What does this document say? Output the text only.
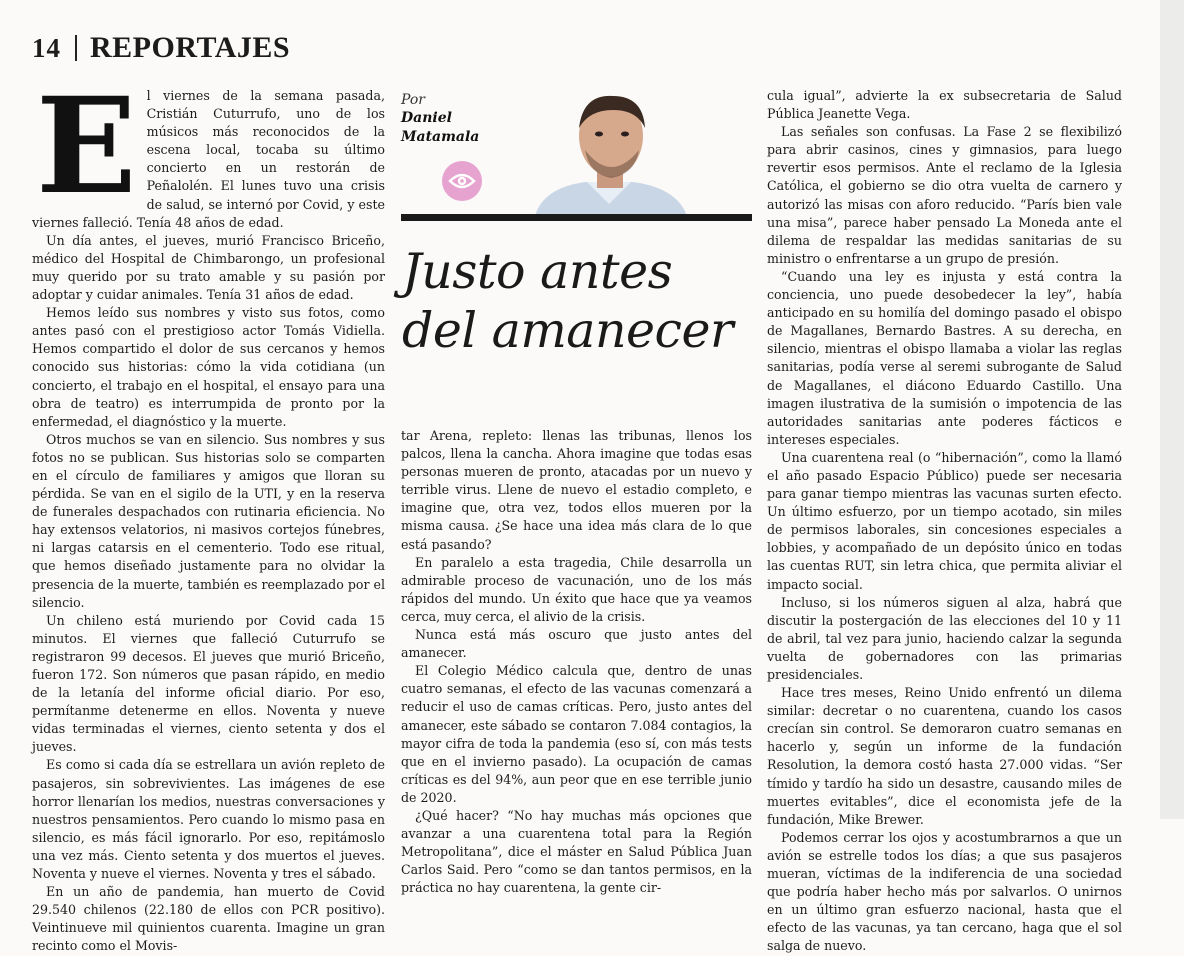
14 REPORTAJES
E l viernes de la semana pasada, Cristián Cuturrufo, uno de los músicos más reconocidos de la escena local, tocaba su último concierto en un restorán de Peñalolén. El lunes tuvo una crisis de salud, se internó por Covid, y este viernes falleció. Tenía 48 años de edad.

Un día antes, el jueves, murió Francisco Briceño, médico del Hospital de Chimbarongo, un profesional muy querido por su trato amable y su pasión por adoptar y cuidar animales. Tenía 31 años de edad.

Hemos leído sus nombres y visto sus fotos, como antes pasó con el prestigioso actor Tomás Vidiella. Hemos compartido el dolor de sus cercanos y hemos conocido sus historias: cómo la vida cotidiana (un concierto, el trabajo en el hospital, el ensayo para una obra de teatro) es interrumpida de pronto por la enfermedad, el diagnóstico y la muerte.

Otros muchos se van en silencio. Sus nombres y sus fotos no se publican. Sus historias solo se comparten en el círculo de familiares y amigos que lloran su pérdida. Se van en el sigilo de la UTI, y en la reserva de funerales despachados con rutinaria eficiencia. No hay extensos velatorios, ni masivos cortejos fúnebres, ni largas catarsis en el cementerio. Todo ese ritual, que hemos diseñado justamente para no olvidar la presencia de la muerte, también es reemplazado por el silencio.

Un chileno está muriendo por Covid cada 15 minutos. El viernes que falleció Cuturrufo se registraron 99 decesos. El jueves que murió Briceño, fueron 172. Son números que pasan rápido, en medio de la letanía del informe oficial diario. Por eso, permítanme detenerme en ellos. Noventa y nueve vidas terminadas el viernes, ciento setenta y dos el jueves.

Es como si cada día se estrellara un avión repleto de pasajeros, sin sobrevivientes. Las imágenes de ese horror llenarían los medios, nuestras conversaciones y nuestros pensamientos. Pero cuando lo mismo pasa en silencio, es más fácil ignorarlo. Por eso, repitámoslo una vez más. Ciento setenta y dos muertos el jueves. Noventa y nueve el viernes. Noventa y tres el sábado.

En un año de pandemia, han muerto de Covid 29.540 chilenos (22.180 de ellos con PCR positivo). Veintinueve mil quinientos cuarenta. Imagine un gran recinto como el Movis-

Por
Daniel
Matamala
Justo antes del amanecer

tar Arena, repleto: llenas las tribunas, llenos los palcos, llena la cancha. Ahora imagine que todas esas personas mueren de pronto, atacadas por un nuevo y terrible virus. Llene de nuevo el estadio completo, e imagine que, otra vez, todos ellos mueren por la misma causa. ¿Se hace una idea más clara de lo que está pasando?

En paralelo a esta tragedia, Chile desarrolla un admirable proceso de vacunación, uno de los más rápidos del mundo. Un éxito que hace que ya veamos cerca, muy cerca, el alivio de la crisis.

Nunca está más oscuro que justo antes del amanecer.

El Colegio Médico calcula que, dentro de unas cuatro semanas, el efecto de las vacunas comenzará a reducir el uso de camas críticas. Pero, justo antes del amanecer, este sábado se contaron 7.084 contagios, la mayor cifra de toda la pandemia (eso sí, con más tests que en el invierno pasado). La ocupación de camas críticas es del 94%, aun peor que en ese terrible junio de 2020.

¿Qué hacer? “No hay muchas más opciones que avanzar a una cuarentena total para la Región Metropolitana”, dice el máster en Salud Pública Juan Carlos Said. Pero “como se dan tantos permisos, en la práctica no hay cuarentena, la gente cir-

cula igual”, advierte la ex subsecretaria de Salud Pública Jeanette Vega.

Las señales son confusas. La Fase 2 se flexibilizó para abrir casinos, cines y gimnasios, para luego revertir esos permisos. Ante el reclamo de la Iglesia Católica, el gobierno se dio otra vuelta de carnero y autorizó las misas con aforo reducido. “París bien vale una misa”, parece haber pensado La Moneda ante el dilema de respaldar las medidas sanitarias de su ministro o enfrentarse a un grupo de presión.

“Cuando una ley es injusta y está contra la conciencia, uno puede desobedecer la ley”, había anticipado en su homilía del domingo pasado el obispo de Magallanes, Bernardo Bastres. A su derecha, en silencio, mientras el obispo llamaba a violar las reglas sanitarias, podía verse al seremi subrogante de Salud de Magallanes, el diácono Eduardo Castillo. Una imagen ilustrativa de la sumisión o impotencia de las autoridades sanitarias ante poderes fácticos e intereses especiales.

Una cuarentena real (o “hibernación”, como la llamó el año pasado Espacio Público) puede ser necesaria para ganar tiempo mientras las vacunas surten efecto. Un último esfuerzo, por un tiempo acotado, sin miles de permisos laborales, sin concesiones especiales a lobbies, y acompañado de un depósito único en todas las cuentas RUT, sin letra chica, que permita aliviar el impacto social.

Incluso, si los números siguen al alza, habrá que discutir la postergación de las elecciones del 10 y 11 de abril, tal vez para junio, haciendo calzar la segunda vuelta de gobernadores con las primarias presidenciales.

Hace tres meses, Reino Unido enfrentó un dilema similar: decretar o no cuarentena, cuando los casos crecían sin control. Se demoraron cuatro semanas en hacerlo y, según un informe de la fundación Resolution, la demora costó hasta 27.000 vidas. “Ser tímido y tardío ha sido un desastre, causando miles de muertes evitables”, dice el economista jefe de la fundación, Mike Brewer.

Podemos cerrar los ojos y acostumbrarnos a que un avión se estrelle todos los días; a que sus pasajeros mueran, víctimas de la indiferencia de una sociedad que podría haber hecho más por salvarlos. O unirnos en un último gran esfuerzo nacional, hasta que el efecto de las vacunas, ya tan cercano, haga que el sol salga de nuevo.
